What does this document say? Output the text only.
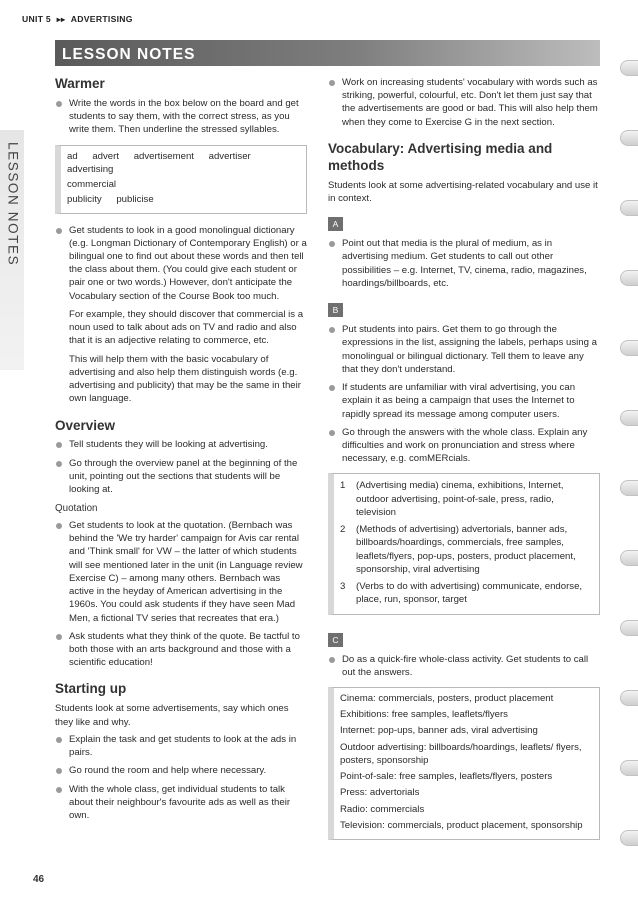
UNIT 5 ▸▸ ADVERTISING
LESSON NOTES
LESSON NOTES
Warmer
Write the words in the box below on the board and get students to say them, with the correct stress, as you write them. Then underline the stressed syllables.
ad advert advertisement advertiser advertising
commercial
publicity publicise
Get students to look in a good monolingual dictionary (e.g. Longman Dictionary of Contemporary English) or a bilingual one to find out about these words and then tell the class about them. (You could give each student or pair one or two words.) However, don't anticipate the Vocabulary section of the Course Book too much.

For example, they should discover that commercial is a noun used to talk about ads on TV and radio and also that it is an adjective relating to commerce, etc.

This will help them with the basic vocabulary of advertising and also help them distinguish words (e.g. advertising and publicity) that may be the same in their own language.

Overview
Tell students they will be looking at advertising.
Go through the overview panel at the beginning of the unit, pointing out the sections that students will be looking at.
Quotation
Get students to look at the quotation. (Bernbach was behind the 'We try harder' campaign for Avis car rental and 'Think small' for VW – the latter of which students will see mentioned later in the unit (in Language review Exercise C) – among many others. Bernbach was active in the heyday of American advertising in the 1960s. You could ask students if they have seen Mad Men, a fictional TV series that recreates that era.)
Ask students what they think of the quote. Be tactful to both those with an arts background and those with a scientific education!
Starting up

Students look at some advertisements, say which ones they like and why.

Explain the task and get students to look at the ads in pairs.
Go round the room and help where necessary.
With the whole class, get individual students to talk about their neighbour's favourite ads as well as their own.
Work on increasing students' vocabulary with words such as striking, powerful, colourful, etc. Don't let them just say that the advertisements are good or bad. This will also help them when they come to Exercise G in the next section.
Vocabulary: Advertising media and methods

Students look at some advertising-related vocabulary and use it in context.

A
Point out that media is the plural of medium, as in advertising medium. Get students to call out other possibilities – e.g. Internet, TV, cinema, radio, magazines, hoardings/billboards, etc.
B
Put students into pairs. Get them to go through the expressions in the list, assigning the labels, perhaps using a monolingual or bilingual dictionary. Tell them to leave any that they don't understand.
If students are unfamiliar with viral advertising, you can explain it as being a campaign that uses the Internet to rapidly spread its message among computer users.
Go through the answers with the whole class. Explain any difficulties and work on pronunciation and stress where necessary, e.g. comMERcials.
1 (Advertising media) cinema, exhibitions, Internet, outdoor advertising, point-of-sale, press, radio, television
2 (Methods of advertising) advertorials, banner ads, billboards/hoardings, commercials, free samples, leaflets/flyers, pop-ups, posters, product placement, sponsorship, viral advertising
3 (Verbs to do with advertising) communicate, endorse, place, run, sponsor, target
C
Do as a quick-fire whole-class activity. Get students to call out the answers.
Cinema: commercials, posters, product placement
Exhibitions: free samples, leaflets/flyers
Internet: pop-ups, banner ads, viral advertising
Outdoor advertising: billboards/hoardings, leaflets/ flyers, posters, sponsorship
Point-of-sale: free samples, leaflets/flyers, posters
Press: advertorials
Radio: commercials
Television: commercials, product placement, sponsorship
46
